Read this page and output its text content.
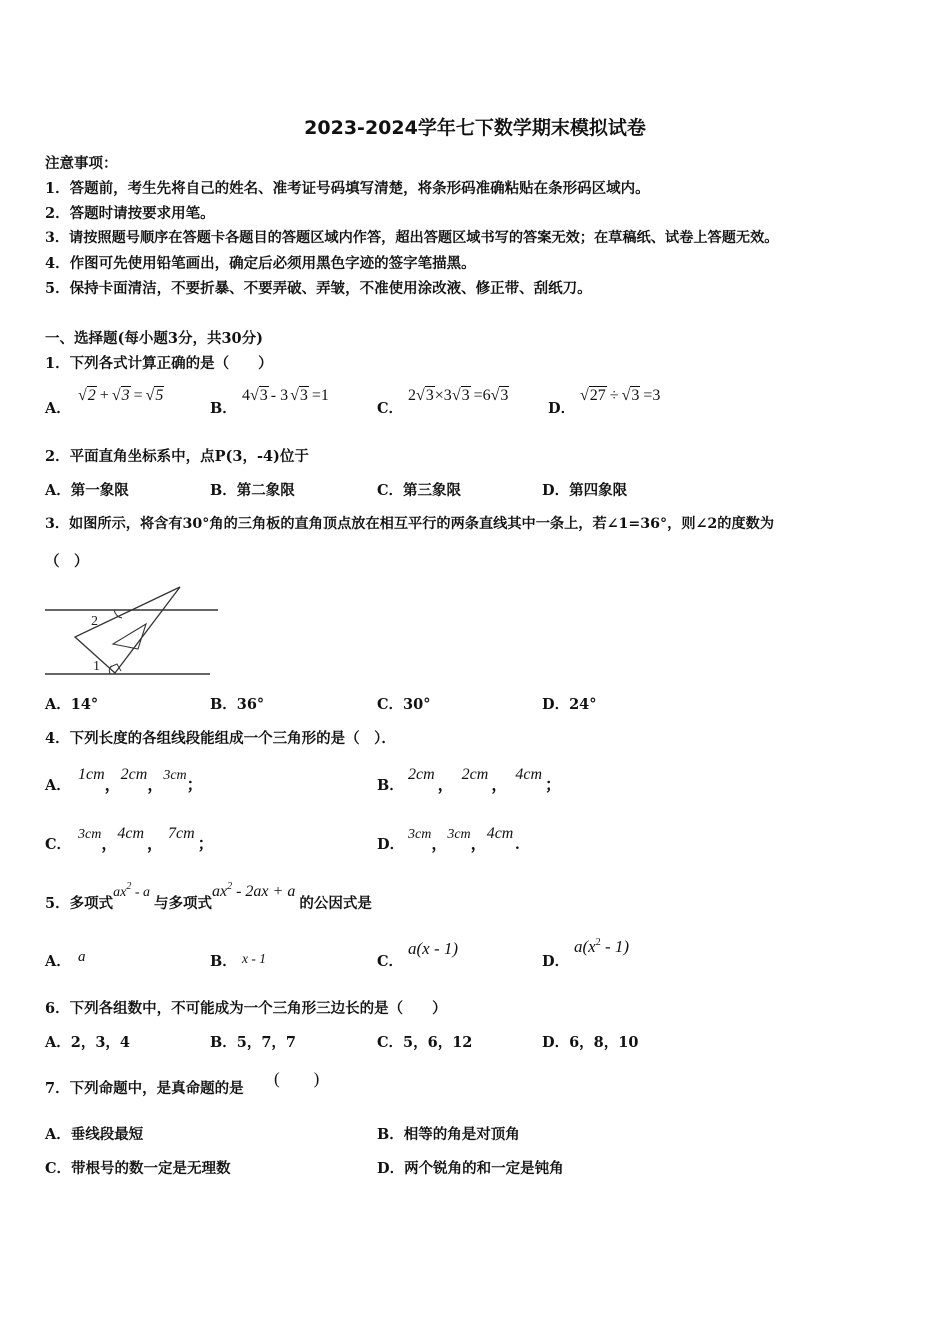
2023-2024学年七下数学期末模拟试卷
注意事项：
1．答题前，考生先将自己的姓名、准考证号码填写清楚，将条形码准确粘贴在条形码区域内。
2．答题时请按要求用笔。
3．请按照题号顺序在答题卡各题目的答题区域内作答，超出答题区域书写的答案无效；在草稿纸、试卷上答题无效。
4．作图可先使用铅笔画出，确定后必须用黑色字迹的签字笔描黑。
5．保持卡面清洁，不要折暴、不要弄破、弄皱，不准使用涂改液、修正带、刮纸刀。
一、选择题(每小题3分，共30分)
1．下列各式计算正确的是（　　）
A．
√2 + √3 = √5
B．
4√3 - 3 √3 =1
C．
2√3×3√3 =6√3
D．
√27 ÷ √3 =3
2．平面直角坐标系中，点P(3，-4)位于
A．第一象限	B．第二象限	C．第三象限	D．第四象限
3．如图所示，将含有30°角的三角板的直角顶点放在相互平行的两条直线其中一条上，若∠1=36°，则∠2的度数为
（　）
2
1
A．14°	B．36°	C．30°	D．24°
4．下列长度的各组线段能组成一个三角形的是（　）．
A．
1cm，2cm，3cm；	B．
2cm，2cm，4cm；
C．
3cm，4cm，7cm；	D．
3cm，3cm，4cm.
5．多项式$ax^2$ - a与多项式$ax^2 - 2ax + a$的公因式是
A． a	B． x - 1	C．
a(x - 1)
D．
$a(x^2 - 1)$
6．下列各组数中，不可能成为一个三角形三边长的是（　　）
A．2，3，4	B．5，7，7	C．5，6，12	D．6，8，10
7．下列命题中，是真命题的是
(　　)
A．垂线段最短	B．相等的角是对顶角
C．带根号的数一定是无理数	D．两个锐角的和一定是钝角
